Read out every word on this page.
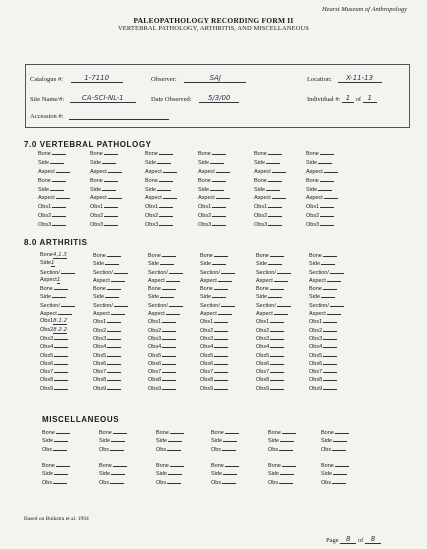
Hearst Museum of Anthropology
PALEOPATHOLOGY RECORDING FORM II
VERTEBRAL PATHOLOGY, ARTHRITIS, AND MISCELLANEOUS
Catalogue #:	1-7110	Observer:	SAJ	Location: X-11-13
Site Name/#:	CA-SCI-NL-1	Date Observed: 5/3/00	Individual #: 1 of 1
Accession #:
7.0 VERTEBRAL PATHOLOGY
Bone
Side
Aspect
Bone
Side
Aspect
Obs1
Obs2
Obs3
Bone
Side
Aspect
Bone
Side
Aspect
Obs1
Obs2
Obs3
Bone
Side
Aspect
Bone
Side
Aspect
Obs1
Obs2
Obs3
Bone
Side
Aspect
Bone
Side
Aspect
Obs1
Obs2
Obs3
Bone
Side
Aspect
Bone
Side
Aspect
Obs1
Obs2
Obs3
Bone
Side
Aspect
Bone
Side
Aspect
Obs1
Obs2
Obs3
8.0 ARTHRITIS
Bone4,1.3
Side1
Section/
Aspect1
Bone
Side
Section/
Aspect
Obs18.1.2
Obs28.2.2
Obs3
Obs4
Obs5
Obs6
Obs7
Obs8
Obs9
Bone
Side
Section/
Aspect
Bone
Side
Section/
Aspect
Obs1
Obs2
Obs3
Obs4
Obs5
Obs6
Obs7
Obs8
Obs9
Bone
Side
Section/
Aspect
Bone
Side
Section/
Aspect
Obs1
Obs2
Obs3
Obs4
Obs5
Obs6
Obs7
Obs8
Obs9
Bone
Side
Section/
Aspect
Bone
Side
Section/
Aspect
Obs1
Obs2
Obs3
Obs4
Obs5
Obs6
Obs7
Obs8
Obs9
Bone
Side
Section/
Aspect
Bone
Side
Section/
Aspect
Obs1
Obs2
Obs3
Obs4
Obs5
Obs6
Obs7
Obs8
Obs9
Bone
Side
Section/
Aspect
Bone
Side
Section/
Aspect
Obs1
Obs2
Obs3
Obs4
Obs5
Obs6
Obs7
Obs8
Obs9
MISCELLANEOUS
Bone
Side
Obs
Bone
Side
Obs
Bone
Side
Obs
Bone
Side
Obs
Bone
Side
Obs
Bone
Side
Obs
Bone
Side
Obs
Bone
Side
Obs
Bone
Side
Obs
Bone
Side
Obs
Bone
Side
Obs
Bone
Side
Obs
Based on Buikstra et al. 1994
Page 8 of 8
